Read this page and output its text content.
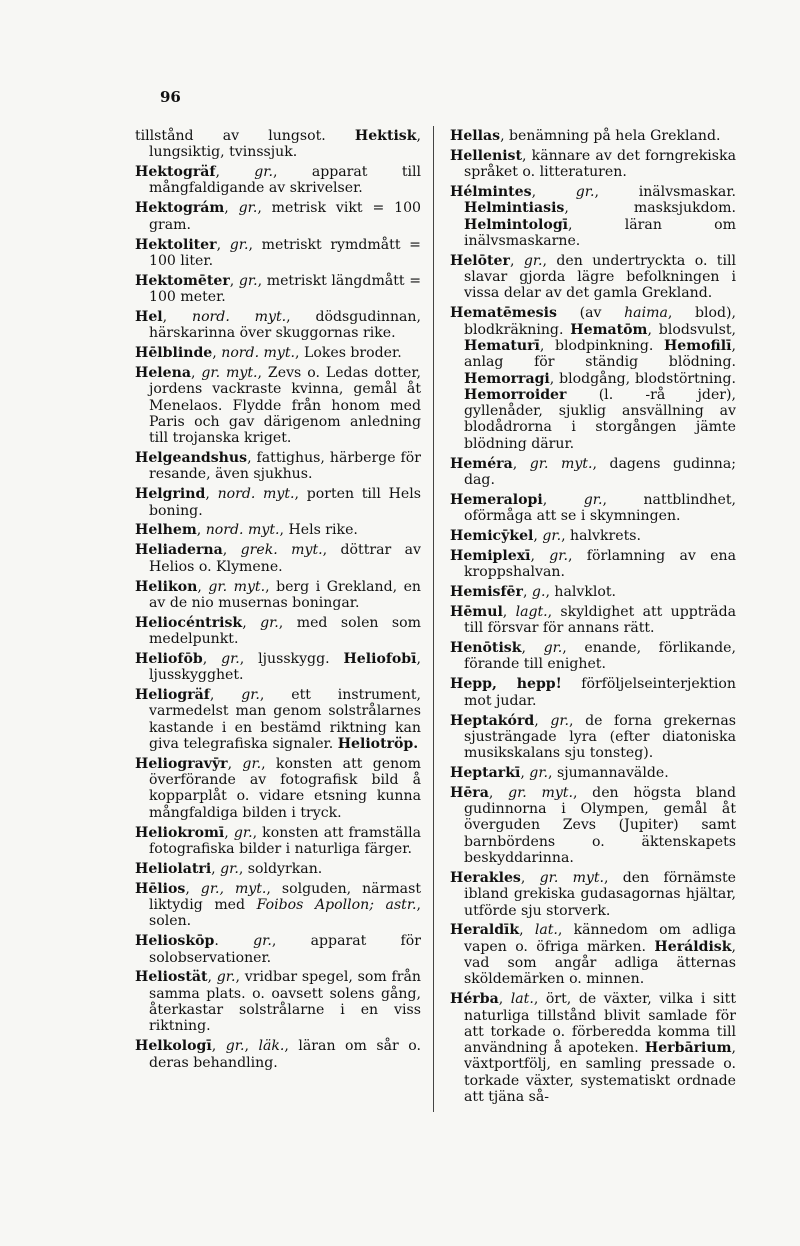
96

tillstånd av lungsot. Hektisk, lungsiktig, tvinssjuk.

Hektogräf, gr., apparat till mångfaldigande av skrivelser.

Hektográm, gr., metrisk vikt = 100 gram.

Hektoliter, gr., metriskt rymdmått = 100 liter.

Hektomēter, gr., metriskt längdmått = 100 meter.

Hel, nord. myt., dödsgudinnan, härskarinna över skuggornas rike.

Hēlblinde, nord. myt., Lokes broder.

Helena, gr. myt., Zevs o. Ledas dotter, jordens vackraste kvinna, gemål åt Menelaos. Flydde från honom med Paris och gav därigenom anledning till trojanska kriget.

Helgeandshus, fattighus, härberge för resande, även sjukhus.

Helgrind, nord. myt., porten till Hels boning.

Helhem, nord. myt., Hels rike.

Heliaderna, grek. myt., döttrar av Helios o. Klymene.

Helikon, gr. myt., berg i Grekland, en av de nio musernas boningar.

Heliocéntrisk, gr., med solen som medelpunkt.

Heliofōb, gr., ljusskygg. Heliofobī, ljusskygghet.

Heliogräf, gr., ett instrument, varmedelst man genom solstrålarnes kastande i en bestämd riktning kan giva telegrafiska signaler. Heliotröp.

Heliogravȳr, gr., konsten att genom överförande av fotografisk bild å kopparplåt o. vidare etsning kunna mångfaldiga bilden i tryck.

Heliokromī, gr., konsten att framställa fotografiska bilder i naturliga färger.

Heliolatri, gr., soldyrkan.

Hēlios, gr., myt., solguden, närmast liktydig med Foibos Apollon; astr., solen.

Helioskōp. gr., apparat för solobservationer.

Heliostät, gr., vridbar spegel, som från samma plats. o. oavsett solens gång, återkastar solstrålarne i en viss riktning.

Helkologī, gr., läk., läran om sår o. deras behandling.

Hellas, benämning på hela Grekland.

Hellenist, kännare av det forngrekiska språket o. litteraturen.

Hélmintes, gr., inälvsmaskar. Helmintiasis, masksjukdom. Helmintologī, läran om inälvsmaskarne.

Helōter, gr., den undertryckta o. till slavar gjorda lägre befolkningen i vissa delar av det gamla Grekland.

Hematēmesis (av haima, blod), blodkräkning. Hematōm, blodsvulst, Hematurī, blodpinkning. Hemofilī, anlag för ständig blödning. Hemorragi, blodgång, blodstörtning. Hemorroider (l. -rå jder), gyllenåder, sjuklig ansvällning av blodådrorna i storgången jämte blödning därur.

Heméra, gr. myt., dagens gudinna; dag.

Hemeralopi, gr., nattblindhet, oförmåga att se i skymningen.

Hemicȳkel, gr., halvkrets.

Hemiplexī, gr., förlamning av ena kroppshalvan.

Hemisfēr, g., halvklot.

Hēmul, lagt., skyldighet att uppträda till försvar för annans rätt.

Henōtisk, gr., enande, förlikande, förande till enighet.

Hepp, hepp! förföljelseinterjektion mot judar.

Heptakórd, gr., de forna grekernas sjusträngade lyra (efter diatoniska musikskalans sju tonsteg).

Heptarkī, gr., sjumannavälde.

Hēra, gr. myt., den högsta bland gudinnorna i Olympen, gemål åt överguden Zevs (Jupiter) samt barnbördens o. äktenskapets beskyddarinna.

Herakles, gr. myt., den förnämste ibland grekiska gudasagornas hjältar, utförde sju storverk.

Heraldīk, lat., kännedom om adliga vapen o. öfriga märken. Heráldisk, vad som angår adliga ätternas sköldemärken o. minnen.

Hérba, lat., ört, de växter, vilka i sitt naturliga tillstånd blivit samlade för att torkade o. förberedda komma till användning å apoteken. Herbārium, växtportfölj, en samling pressade o. torkade växter, systematiskt ordnade att tjäna så-
